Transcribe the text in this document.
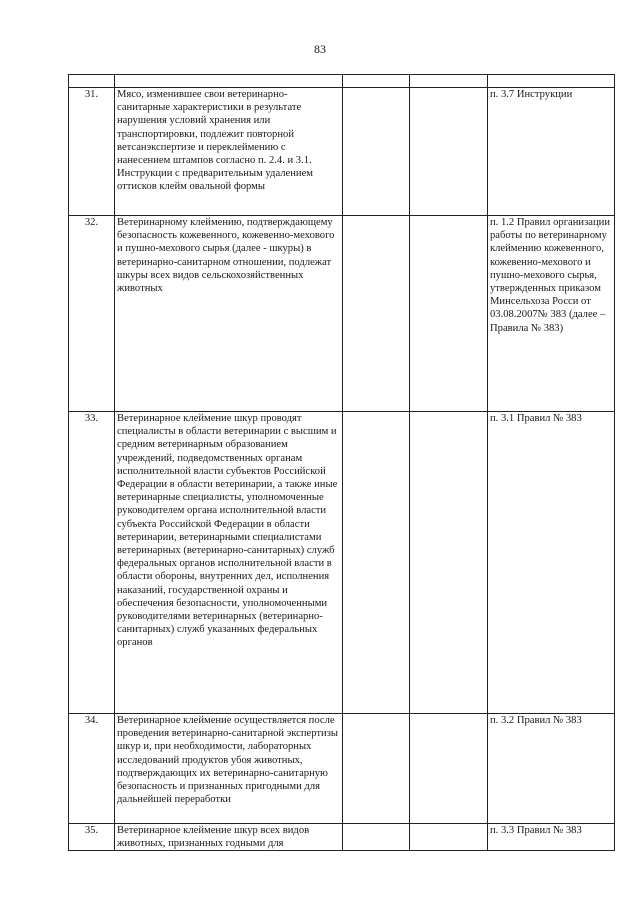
83

31.	Мясо, изменившее свои ветеринарно-санитарные характеристики в результате нарушения условий хранения или транспортировки, подлежит повторной ветсанэкспертизе и переклеймению с нанесением штампов согласно п. 2.4. и 3.1. Инструкции с предварительным удалением оттисков клейм овальной формы			п. 3.7 Инструкции
32.	Ветеринарному клеймению, подтверждающему безопасность кожевенного, кожевенно-мехового и пушно-мехового сырья (далее - шкуры) в ветеринарно-санитарном отношении, подлежат шкуры всех видов сельскохозяйственных животных			п. 1.2 Правил организации работы по ветеринарному клеймению кожевенного, кожевенно-мехового и пушно-мехового сырья, утвержденных приказом Минсельхоза Росси от 03.08.2007№ 383 (далее – Правила № 383)
33.	Ветеринарное клеймение шкур проводят специалисты в области ветеринарии с высшим и средним ветеринарным образованием учреждений, подведомственных органам исполнительной власти субъектов Российской Федерации в области ветеринарии, а также иные ветеринарные специалисты, уполномоченные руководителем органа исполнительной власти субъекта Российской Федерации в области ветеринарии, ветеринарными специалистами ветеринарных (ветеринарно-санитарных) служб федеральных органов исполнительной власти в области обороны, внутренних дел, исполнения наказаний, государственной охраны и обеспечения безопасности, уполномоченными руководителями ветеринарных (ветеринарно-санитарных) служб указанных федеральных органов			п. 3.1 Правил № 383
34.	Ветеринарное клеймение осуществляется после проведения ветеринарно-санитарной экспертизы шкур и, при необходимости, лабораторных исследований продуктов убоя животных, подтверждающих их ветеринарно-санитарную безопасность и признанных пригодными для дальнейшей переработки			п. 3.2 Правил № 383
35.	Ветеринарное клеймение шкур всех видов животных, признанных годными для			п. 3.3 Правил № 383
